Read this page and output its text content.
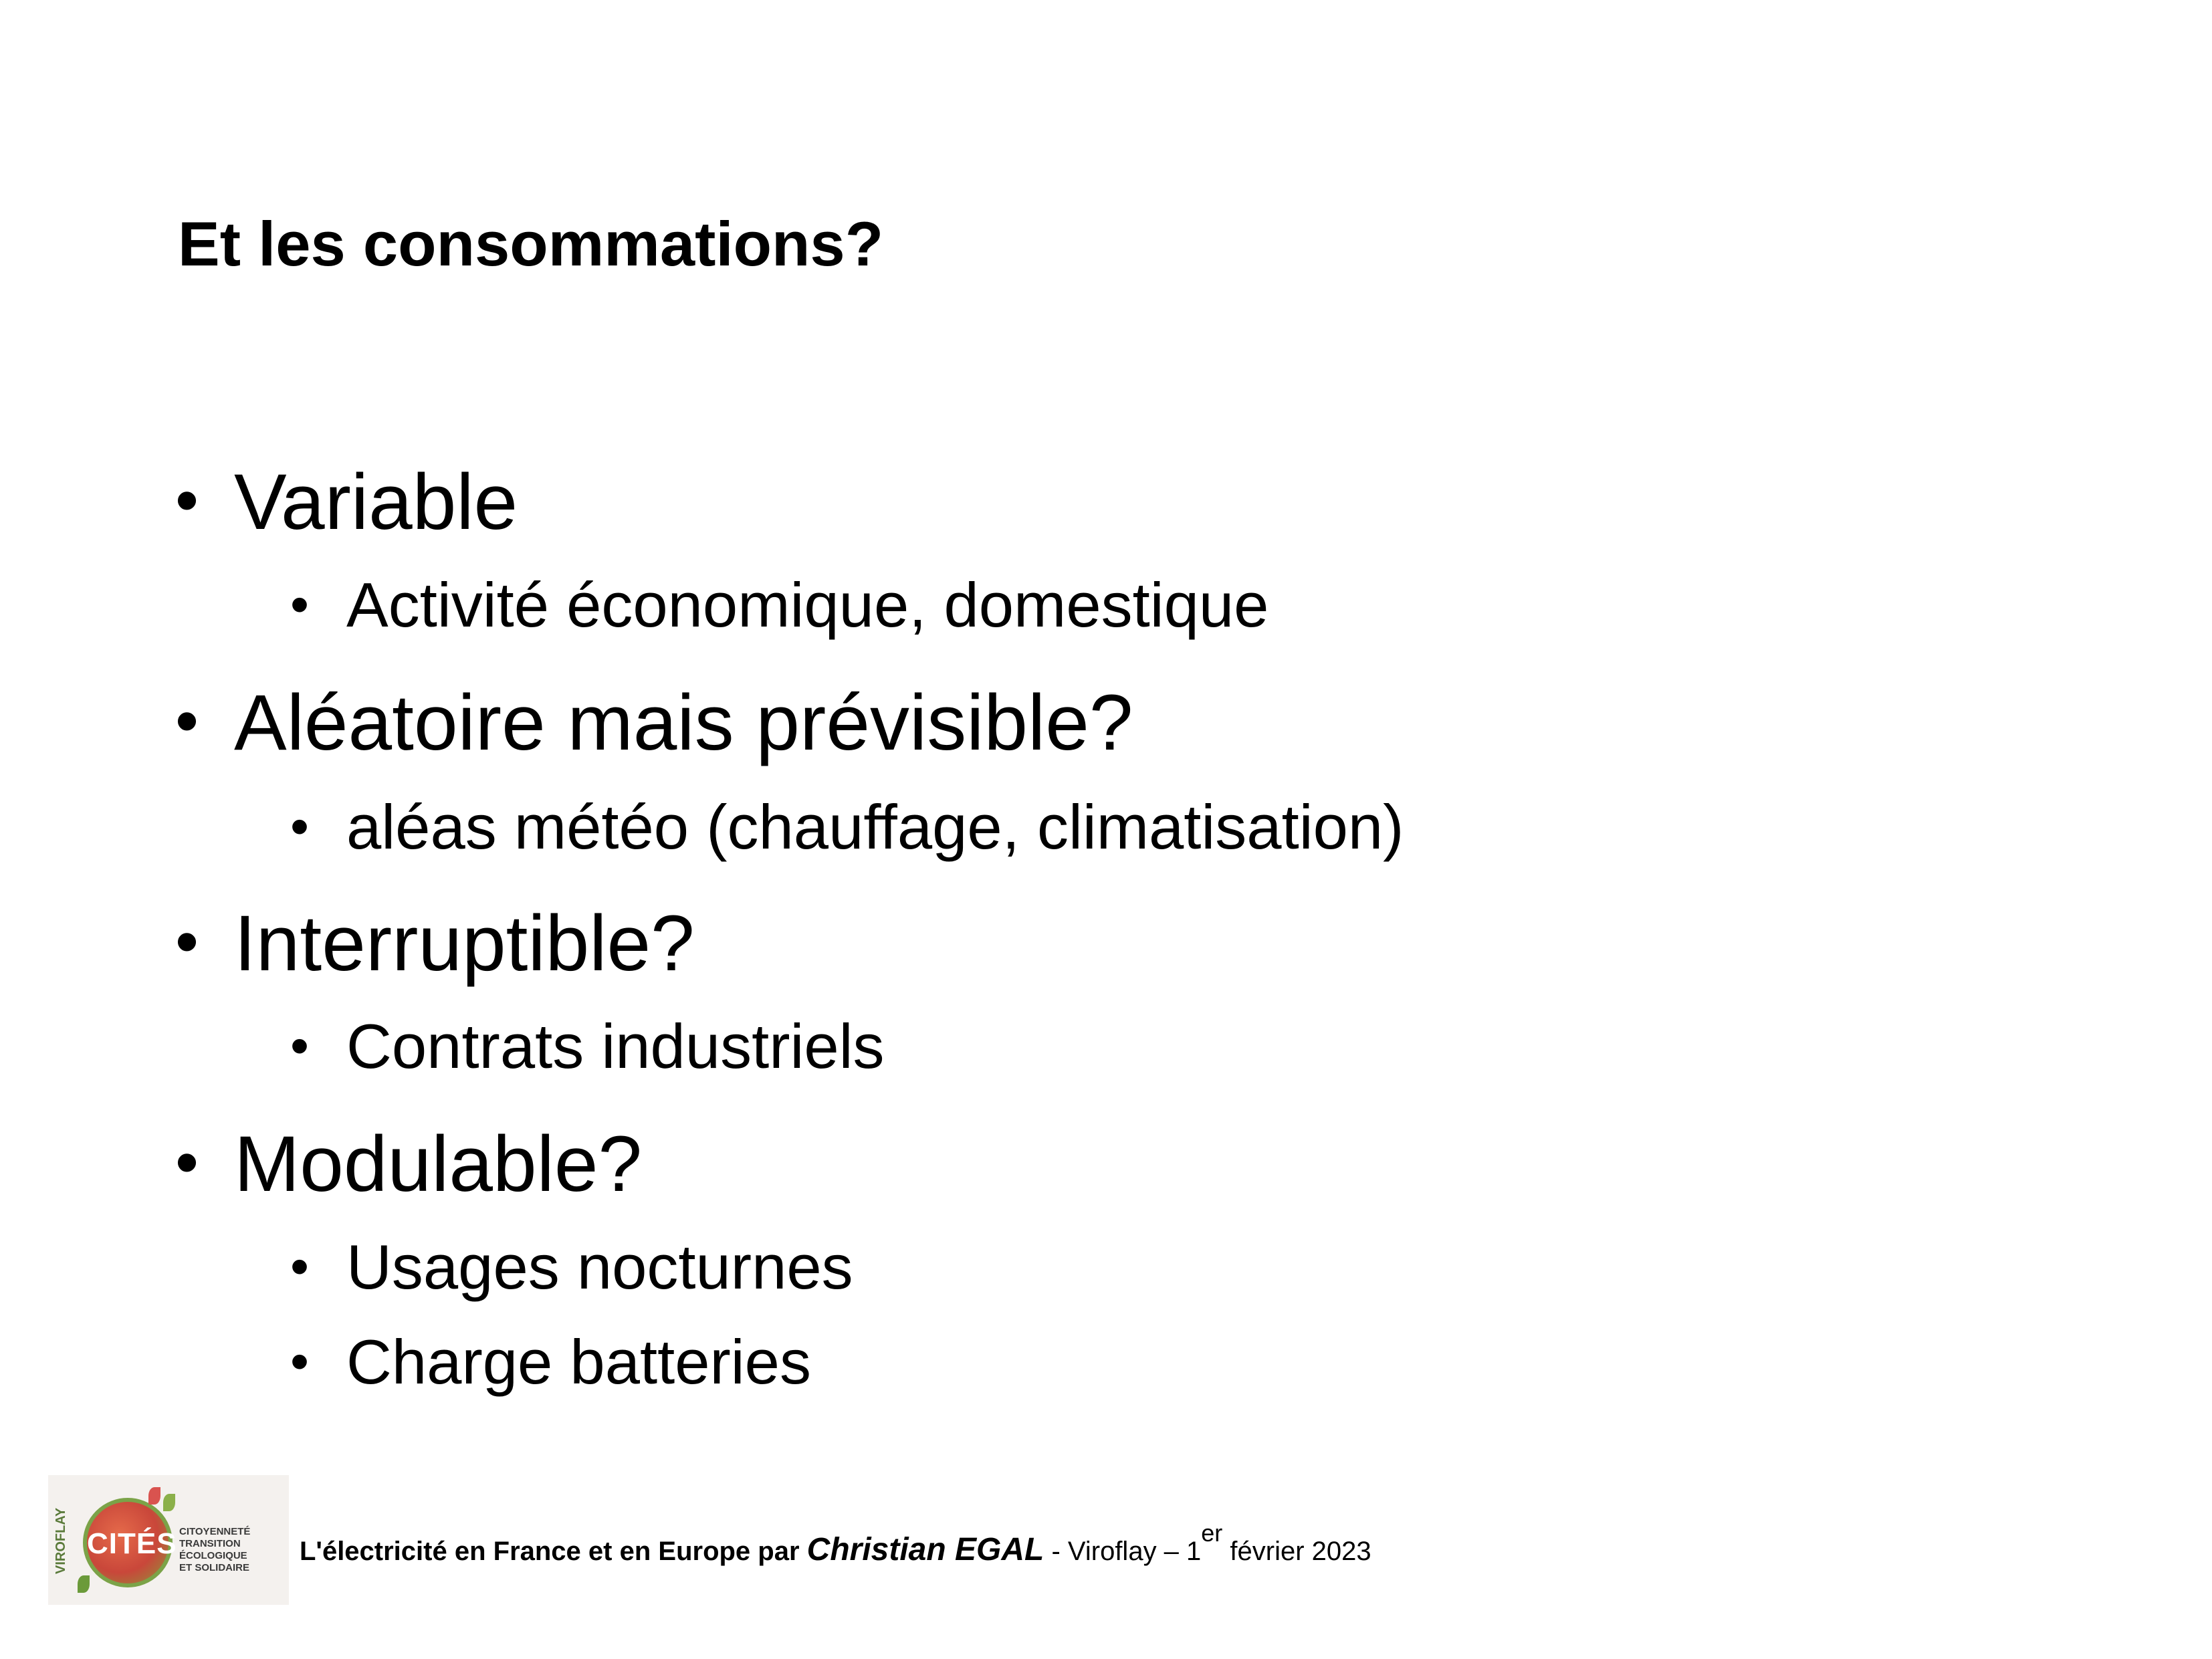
Et les consommations?
• Variable
• Activité économique, domestique
• Aléatoire mais prévisible?
• aléas météo (chauffage, climatisation)
• Interruptible?
• Contrats industriels
• Modulable?
• Usages nocturnes
• Charge batteries
VIROFLAY CITÉS CITOYENNETÉ
TRANSITION ÉCOLOGIQUE
ET SOLIDAIRE
L'électricité en France et en Europe par Christian EGAL - Viroflay – 1er février 2023
